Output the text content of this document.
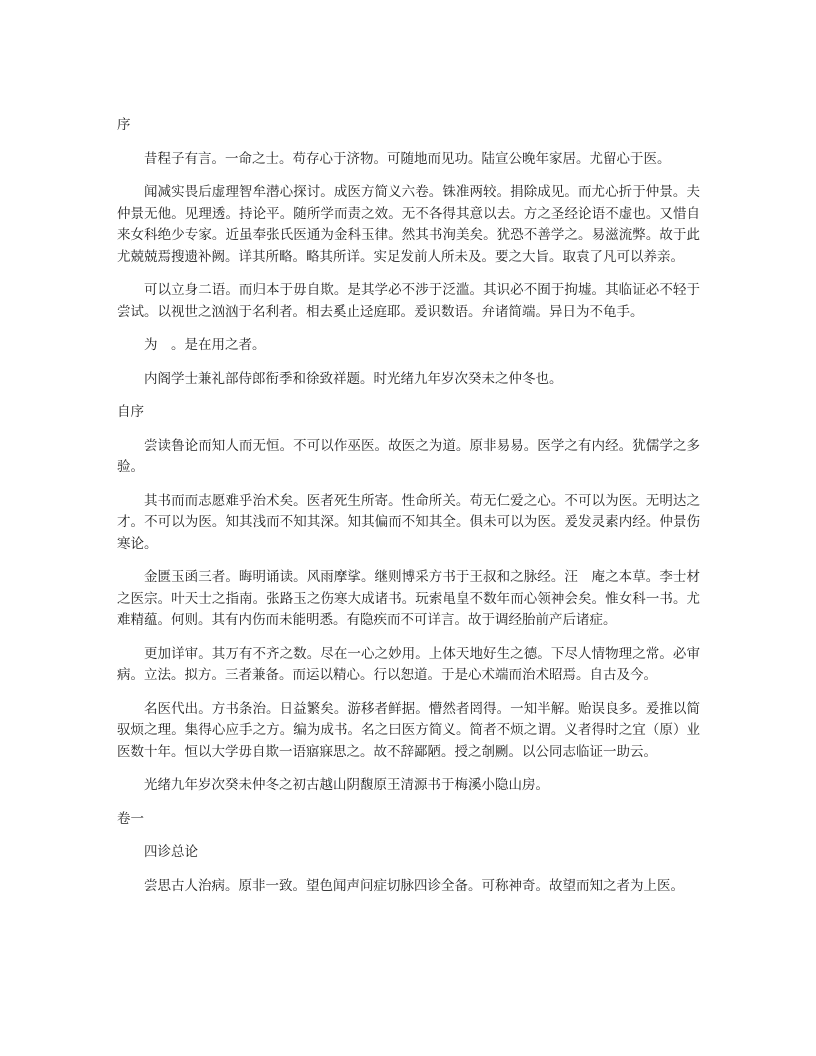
序

昔程子有言。一命之士。苟存心于济物。可随地而见功。陆宣公晚年家居。尤留心于医。

闻减实畏后虚理智牟潜心探讨。成医方简义六卷。铢准两较。捐除成见。而尤心折于仲景。夫仲景无他。见理透。持论平。随所学而责之效。无不各得其意以去。方之圣经论语不虚也。又惜自来女科绝少专家。近虽奉张氏医通为金科玉律。然其书洵美矣。犹恐不善学之。易滋流弊。故于此尤兢兢焉搜遗补阙。详其所略。略其所详。实足发前人所未及。要之大旨。取袁了凡可以养亲。

可以立身二语。而归本于毋自欺。是其学必不涉于泛滥。其识必不囿于拘墟。其临证必不轻于尝试。以视世之汹汹于名利者。相去奚止迳庭耶。爰识数语。弁诸简端。异日为不龟手。

为　。是在用之者。

内阁学士兼礼部侍郎衔季和徐致祥题。时光绪九年岁次癸未之仲冬也。

自序

尝读鲁论而知人而无恒。不可以作巫医。故医之为道。原非易易。医学之有内经。犹儒学之多验。

其书而而志愿难乎治术矣。医者死生所寄。性命所关。苟无仁爱之心。不可以为医。无明达之才。不可以为医。知其浅而不知其深。知其偏而不知其全。俱未可以为医。爰发灵素内经。仲景伤寒论。

金匮玉函三者。晦明诵读。风雨摩挲。继则博采方书于王叔和之脉经。汪　庵之本草。李士材之医宗。叶天士之指南。张路玉之伤寒大成诸书。玩索黾皇不数年而心领神会矣。惟女科一书。尤难精蕴。何则。其有内伤而未能明悉。有隐疾而不可详言。故于调经胎前产后诸症。

更加详审。其万有不齐之数。尽在一心之妙用。上体天地好生之德。下尽人情物理之常。必审病。立法。拟方。三者兼备。而运以精心。行以恕道。于是心术端而治术昭焉。自古及今。

名医代出。方书条治。日益繁矣。游移者鲜据。懵然者罔得。一知半解。贻误良多。爰推以简驭烦之理。集得心应手之方。编为成书。名之曰医方简义。简者不烦之谓。义者得时之宜（原）业医数十年。恒以大学毋自欺一语寤寐思之。故不辞鄙陋。授之剞劂。以公同志临证一助云。

光绪九年岁次癸未仲冬之初古越山阴馥原王清源书于梅溪小隐山房。

卷一

四诊总论

尝思古人治病。原非一致。望色闻声问症切脉四诊全备。可称神奇。故望而知之者为上医。
